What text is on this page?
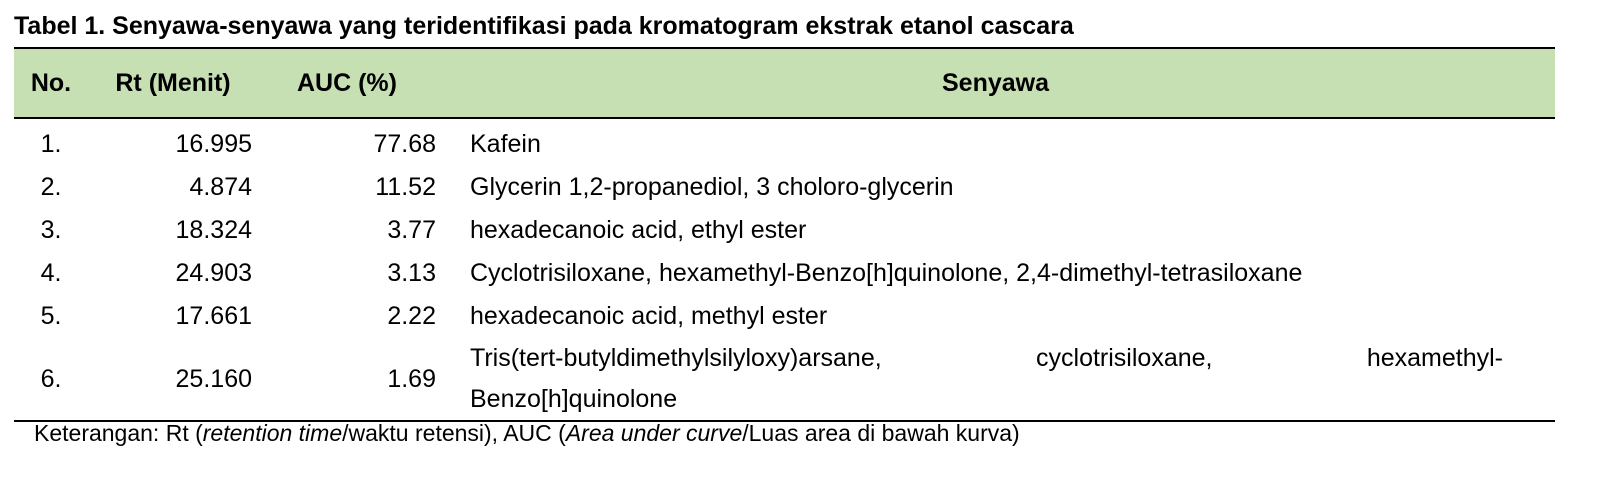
Tabel 1. Senyawa-senyawa yang teridentifikasi pada kromatogram ekstrak etanol cascara
No.	Rt (Menit)	AUC (%)	Senyawa
1.	16.995	77.68	Kafein
2.	4.874	11.52	Glycerin 1,2-propanediol, 3 choloro-glycerin
3.	18.324	3.77	hexadecanoic acid, ethyl ester
4.	24.903	3.13	Cyclotrisiloxane, hexamethyl-Benzo[h]quinolone, 2,4-dimethyl-tetrasiloxane
5.	17.661	2.22	hexadecanoic acid, methyl ester
6.	25.160	1.69	Tris(tert-butyldimethylsilyloxy)arsane, cyclotrisiloxane, hexamethyl-
Benzo[h]quinolone
Keterangan: Rt (retention time/waktu retensi), AUC (Area under curve/Luas area di bawah kurva)
